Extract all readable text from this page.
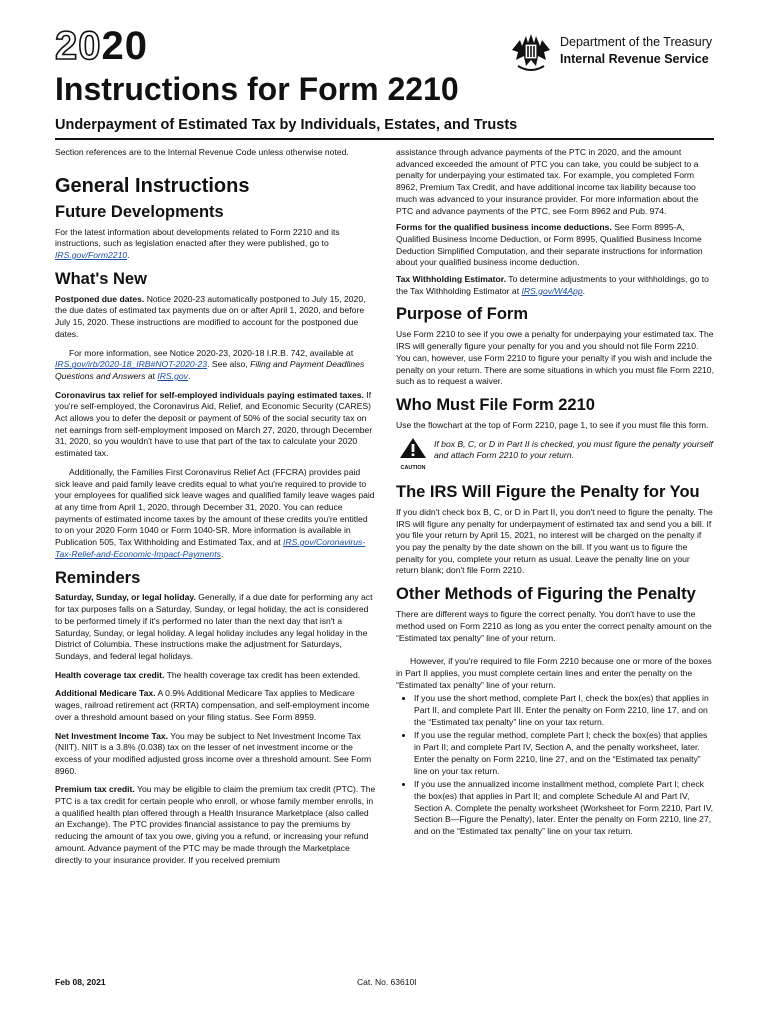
2020	Department of the Treasury
Internal Revenue Service
Instructions for Form 2210
Underpayment of Estimated Tax by Individuals, Estates, and Trusts

Section references are to the Internal Revenue Code unless otherwise noted.

General Instructions
Future Developments

For the latest information about developments related to Form 2210 and its instructions, such as legislation enacted after they were published, go to IRS.gov/Form2210.

What's New

Postponed due dates. Notice 2020-23 automatically postponed to July 15, 2020, the due dates of estimated tax payments due on or after April 1, 2020, and before July 15, 2020. These instructions are modified to account for the postponed due dates.

For more information, see Notice 2020-23, 2020-18 I.R.B. 742, available at IRS.gov/irb/2020-18_IRB#NOT-2020-23. See also, Filing and Payment Deadlines Questions and Answers at IRS.gov.

Coronavirus tax relief for self-employed individuals paying estimated taxes. If you're self-employed, the Coronavirus Aid, Relief, and Economic Security (CARES) Act allows you to defer the deposit or payment of 50% of the social security tax on net earnings from self-employment imposed on March 27, 2020, through December 31, 2020, so you wouldn't have to use that part of the tax to calculate your 2020 estimated tax.

Additionally, the Families First Coronavirus Relief Act (FFCRA) provides paid sick leave and paid family leave credits equal to what you're required to provide to your employees for qualified sick leave wages and qualified family leave wages paid at any time from April 1, 2020, through December 31, 2020. You can reduce payments of estimated income taxes by the amount of these credits you're entitled to on your 2020 Form 1040 or Form 1040-SR. More information is available in Publication 505, Tax Withholding and Estimated Tax, and at IRS.gov/Coronavirus-Tax-Relief-and-Economic-Impact-Payments.

Reminders

Saturday, Sunday, or legal holiday. Generally, if a due date for performing any act for tax purposes falls on a Saturday, Sunday, or legal holiday, the act is considered to be performed timely if it's performed no later than the next day that isn't a Saturday, Sunday, or legal holiday. A legal holiday includes any legal holiday in the District of Columbia. These instructions make the adjustment for Saturdays, Sundays, and federal legal holidays.

Health coverage tax credit. The health coverage tax credit has been extended.

Additional Medicare Tax. A 0.9% Additional Medicare Tax applies to Medicare wages, railroad retirement act (RRTA) compensation, and self-employment income over a threshold amount based on your filing status. See Form 8959.

Net Investment Income Tax. You may be subject to Net Investment Income Tax (NIIT). NIIT is a 3.8% (0.038) tax on the lesser of net investment income or the excess of your modified adjusted gross income over a threshold amount. See Form 8960.

Premium tax credit. You may be eligible to claim the premium tax credit (PTC). The PTC is a tax credit for certain people who enroll, or whose family member enrolls, in a qualified health plan offered through a Health Insurance Marketplace (also called an Exchange). The PTC provides financial assistance to pay the premiums by reducing the amount of tax you owe, giving you a refund, or increasing your refund amount. Advance payment of the PTC may be made through the Marketplace directly to your insurance provider. If you received premium

assistance through advance payments of the PTC in 2020, and the amount advanced exceeded the amount of PTC you can take, you could be subject to a penalty for underpaying your estimated tax. For example, you completed Form 8962, Premium Tax Credit, and have additional income tax liability because too much was advanced to your insurance provider. For more information about the PTC and advance payments of the PTC, see Form 8962 and Pub. 974.

Forms for the qualified business income deductions. See Form 8995-A, Qualified Business Income Deduction, or Form 8995, Qualified Business Income Deduction Simplified Computation, and their separate instructions for information about your qualified business income deduction.

Tax Withholding Estimator. To determine adjustments to your withholdings, go to the Tax Withholding Estimator at IRS.gov/W4App.

Purpose of Form

Use Form 2210 to see if you owe a penalty for underpaying your estimated tax. The IRS will generally figure your penalty for you and you should not file Form 2210. You can, however, use Form 2210 to figure your penalty if you wish and include the penalty on your return. There are some situations in which you must file Form 2210, such as to request a waiver.

Who Must File Form 2210

Use the flowchart at the top of Form 2210, page 1, to see if you must file this form.

CAUTION
If box B, C, or D in Part II is checked, you must figure the penalty yourself and attach Form 2210 to your return.
The IRS Will Figure the Penalty for You

If you didn't check box B, C, or D in Part II, you don't need to figure the penalty. The IRS will figure any penalty for underpayment of estimated tax and send you a bill. If you file your return by April 15, 2021, no interest will be charged on the penalty if you pay the penalty by the date shown on the bill. If you want us to figure the penalty for you, complete your return as usual. Leave the penalty line on your return blank; don't file Form 2210.

Other Methods of Figuring the Penalty

There are different ways to figure the correct penalty. You don't have to use the method used on Form 2210 as long as you enter the correct penalty amount on the “Estimated tax penalty” line of your return.

However, if you're required to file Form 2210 because one or more of the boxes in Part II applies, you must complete certain lines and enter the penalty on the “Estimated tax penalty” line of your return.

• If you use the short method, complete Part I, check the box(es) that applies in Part II, and complete Part III. Enter the penalty on Form 2210, line 17, and on the “Estimated tax penalty” line on your tax return.
• If you use the regular method, complete Part I; check the box(es) that applies in Part II; and complete Part IV, Section A, and the penalty worksheet, later. Enter the penalty on Form 2210, line 27, and on the “Estimated tax penalty” line on your tax return.
• If you use the annualized income installment method, complete Part I; check the box(es) that applies in Part II; and complete Schedule AI and Part IV, Section A. Complete the penalty worksheet (Worksheet for Form 2210, Part IV, Section B—Figure the Penalty), later. Enter the penalty on Form 2210, line 27, and on the “Estimated tax penalty” line on your tax return.
Feb 08, 2021	Cat. No. 63610I
